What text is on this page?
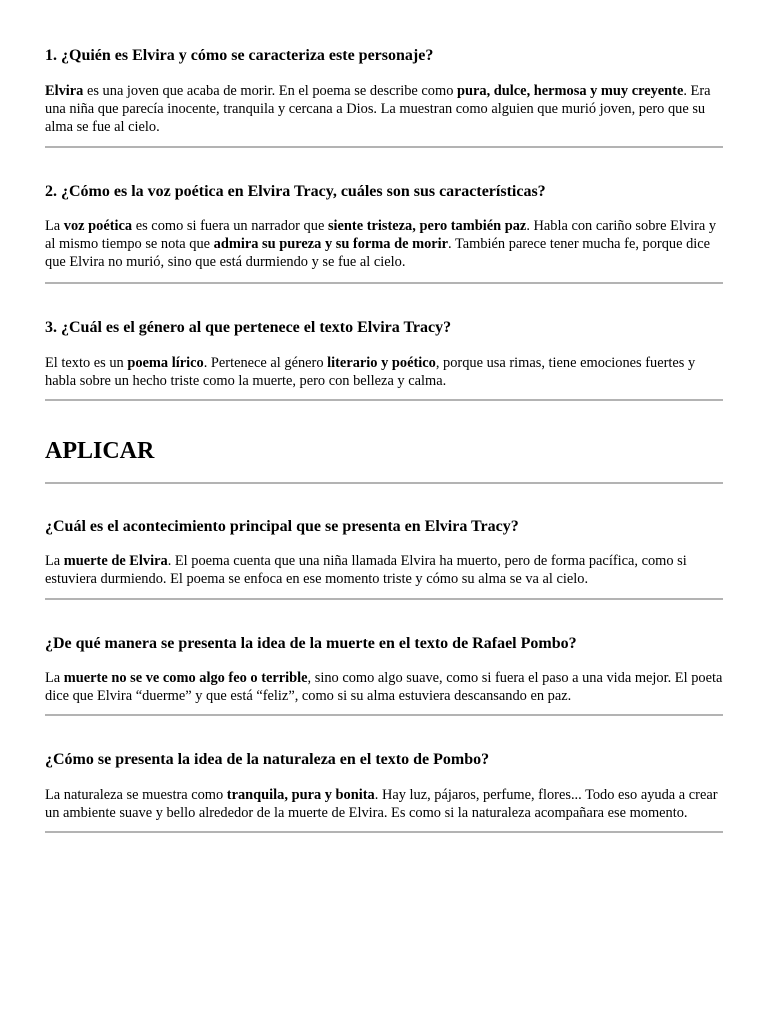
1. ¿Quién es Elvira y cómo se caracteriza este personaje?

Elvira es una joven que acaba de morir. En el poema se describe como pura, dulce, hermosa y muy creyente. Era una niña que parecía inocente, tranquila y cercana a Dios. La muestran como alguien que murió joven, pero que su alma se fue al cielo.

2. ¿Cómo es la voz poética en Elvira Tracy, cuáles son sus características?

La voz poética es como si fuera un narrador que siente tristeza, pero también paz. Habla con cariño sobre Elvira y al mismo tiempo se nota que admira su pureza y su forma de morir. También parece tener mucha fe, porque dice que Elvira no murió, sino que está durmiendo y se fue al cielo.

3. ¿Cuál es el género al que pertenece el texto Elvira Tracy?

El texto es un poema lírico. Pertenece al género literario y poético, porque usa rimas, tiene emociones fuertes y habla sobre un hecho triste como la muerte, pero con belleza y calma.

APLICAR
¿Cuál es el acontecimiento principal que se presenta en Elvira Tracy?

La muerte de Elvira. El poema cuenta que una niña llamada Elvira ha muerto, pero de forma pacífica, como si estuviera durmiendo. El poema se enfoca en ese momento triste y cómo su alma se va al cielo.

¿De qué manera se presenta la idea de la muerte en el texto de Rafael Pombo?

La muerte no se ve como algo feo o terrible, sino como algo suave, como si fuera el paso a una vida mejor. El poeta dice que Elvira “duerme” y que está “feliz”, como si su alma estuviera descansando en paz.

¿Cómo se presenta la idea de la naturaleza en el texto de Pombo?

La naturaleza se muestra como tranquila, pura y bonita. Hay luz, pájaros, perfume, flores... Todo eso ayuda a crear un ambiente suave y bello alrededor de la muerte de Elvira. Es como si la naturaleza acompañara ese momento.
